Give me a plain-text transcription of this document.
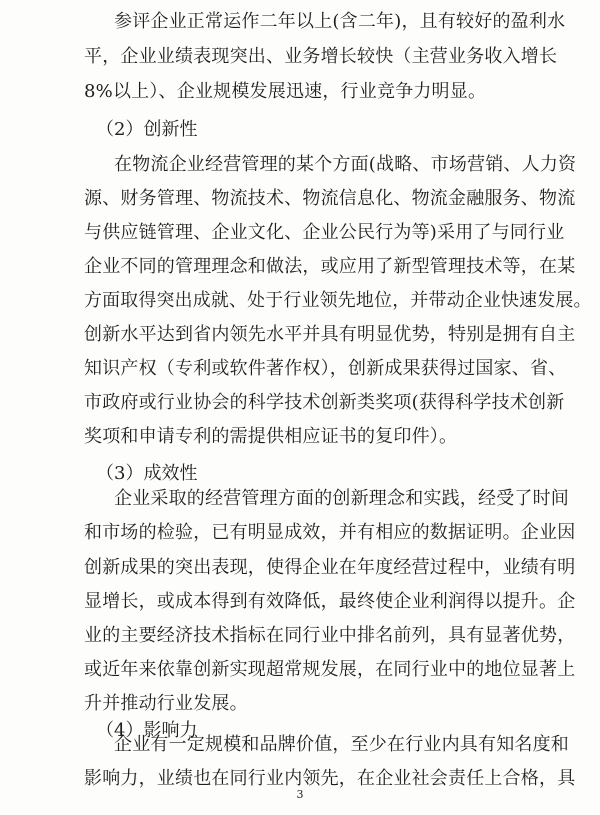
参评企业正常运作二年以上(含二年)，且有较好的盈利水
平，企业业绩表现突出、业务增长较快（主营业务收入增长
8%以上）、企业规模发展迅速，行业竞争力明显。
（2）创新性
在物流企业经营管理的某个方面(战略、市场营销、人力资
源、财务管理、物流技术、物流信息化、物流金融服务、物流
与供应链管理、企业文化、企业公民行为等)采用了与同行业
企业不同的管理理念和做法，或应用了新型管理技术等，在某
方面取得突出成就、处于行业领先地位，并带动企业快速发展。
创新水平达到省内领先水平并具有明显优势，特别是拥有自主
知识产权（专利或软件著作权），创新成果获得过国家、省、
市政府或行业协会的科学技术创新类奖项(获得科学技术创新
奖项和申请专利的需提供相应证书的复印件）。
（3）成效性
企业采取的经营管理方面的创新理念和实践，经受了时间
和市场的检验，已有明显成效，并有相应的数据证明。企业因
创新成果的突出表现，使得企业在年度经营过程中，业绩有明
显增长，或成本得到有效降低，最终使企业利润得以提升。企
业的主要经济技术指标在同行业中排名前列，具有显著优势，
或近年来依靠创新实现超常规发展，在同行业中的地位显著上
升并推动行业发展。
（4）影响力
企业有一定规模和品牌价值，至少在行业内具有知名度和
影响力，业绩也在同行业内领先，在企业社会责任上合格，具
3
